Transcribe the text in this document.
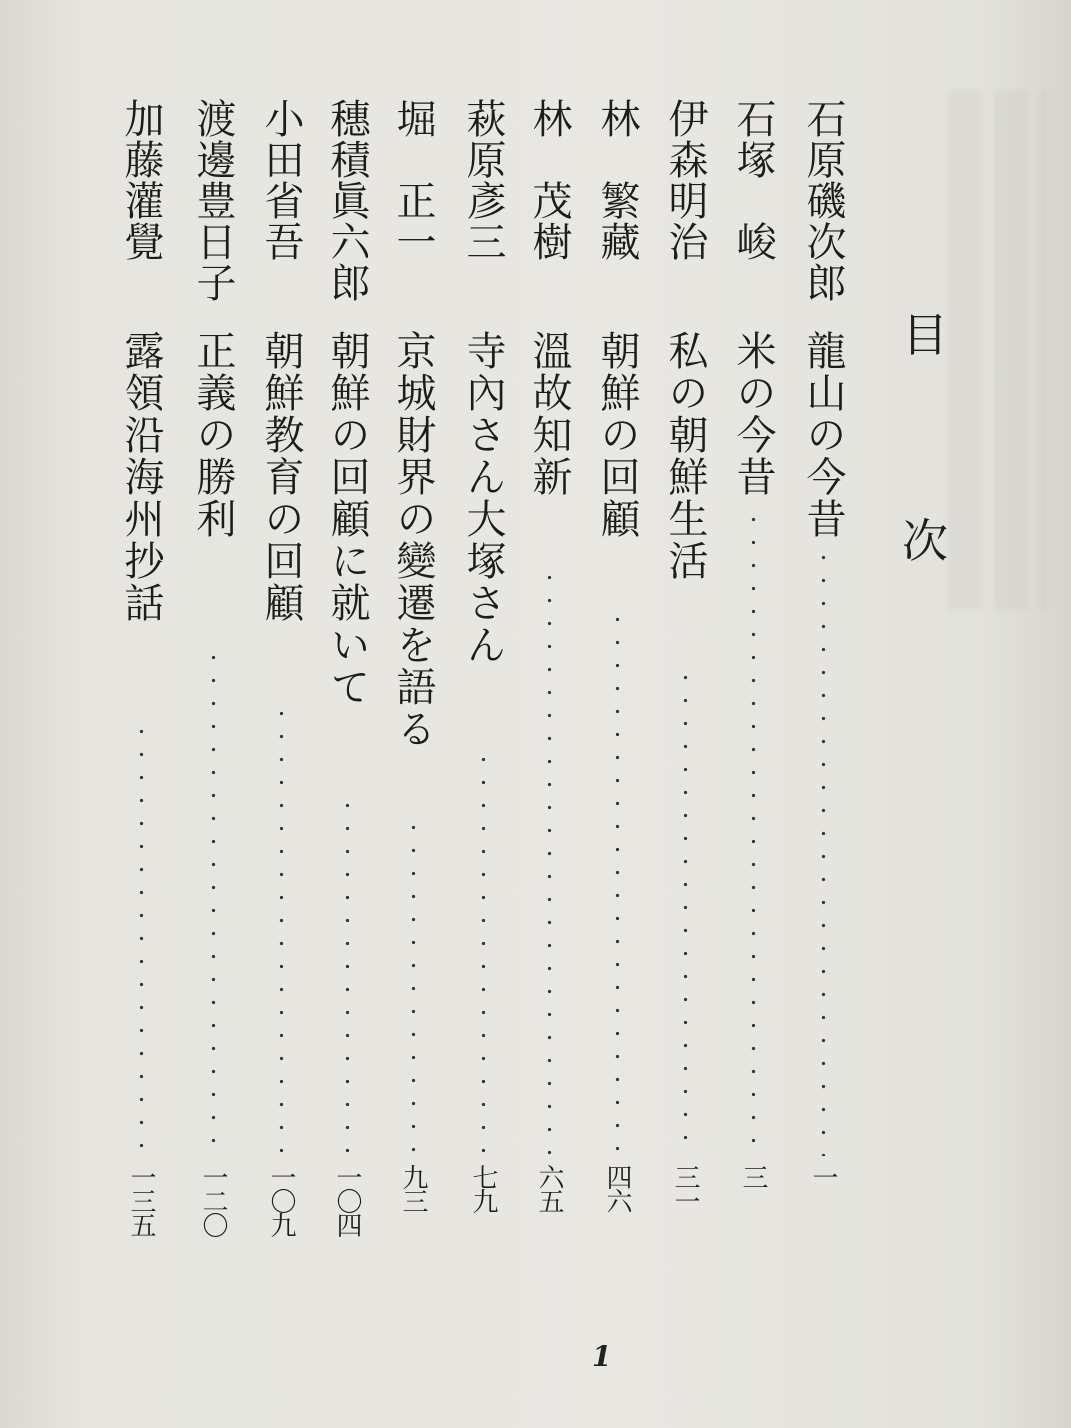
目
次
石原磯次郎
龍山の今昔
一
石塚　峻
米の今昔
三
伊森明治
私の朝鮮生活
三一
林　繁藏
朝鮮の回顧
四六
林　茂樹
溫故知新
六五
萩原彥三
寺內さん大塚さん
七九
堀　正一
京城財界の變遷を語る
九三
穗積眞六郎
朝鮮の回顧に就いて
一〇四
小田省吾
朝鮮教育の回顧
一〇九
渡邊豊日子
正義の勝利
一二〇
加藤灌覺
露領沿海州抄話
一三五
1
